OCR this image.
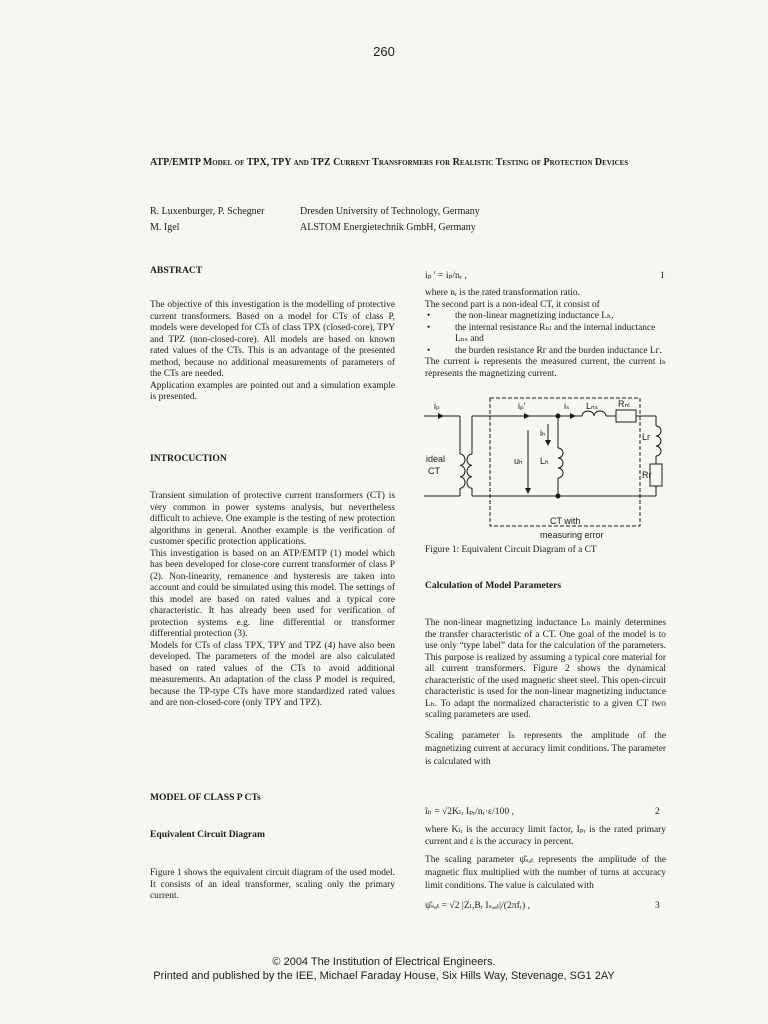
260
ATP/EMTP Model of TPX, TPY and TPZ Current Transformers for Realistic Testing of Protection Devices
R. Luxenburger, P. Schegner	Dresden University of Technology, Germany
M. Igel	ALSTOM Energietechnik GmbH, Germany
ABSTRACT

The objective of this investigation is the modelling of protective current transformers. Based on a model for CTs of class P, models were developed for CTs of class TPX (closed-core), TPY and TPZ (non-closed-core). All models are based on known rated values of the CTs. This is an advantage of the presented method, because no additional measurements of parameters of the CTs are needed.

Application examples are pointed out and a simulation example is presented.

INTROCUCTION

Transient simulation of protective current transformers (CT) is very common in power systems analysis, but nevertheless difficult to achieve. One example is the testing of new protection algorithms in general. Another example is the verification of customer specific protection applications.

This investigation is based on an ATP/EMTP (1) model which has been developed for close-core current transformer of class P (2). Non-linearity, remanence and hysteresis are taken into account and could be simulated using this model. The settings of this model are based on rated values and a typical core characteristic. It has already been used for verification of protection systems e.g. line differential or transformer differential protection (3).

Models for CTs of class TPX, TPY and TPZ (4) have also been developed. The parameters of the model are also calculated based on rated values of the CTs to avoid additional measurements. An adaptation of the class P model is required, because the TP-type CTs have more standardized rated values and are non-closed-core (only TPY and TPZ).

MODEL OF CLASS P CTs
Equivalent Circuit Diagram

Figure 1 shows the equivalent circuit diagram of the used model. It consists of an ideal transformer, scaling only the primary current.

iₚ ' = iₚ/nᵣ ,	1

where nᵣ is the rated transformation ratio.

The second part is a non-ideal CT, it consist of

• the non-linear magnetizing inductance Lₕ,
• the internal resistance Rₙₗ and the internal inductance Lₙₛ and
• the burden resistance Rᴦ and the burden inductance Lᴦ.

The current iₛ represents the measured current, the current iₕ represents the magnetizing current.

iₚ	iₚ'	iₛ Lₙₛ Rₙₗ
iₕ
uₕ Lₕ
Lᴦ
Rᴦ
ideal
CT
CT with
measuring error
Figure 1: Equivalent Circuit Diagram of a CT
Calculation of Model Parameters

The non-linear magnetizing inductance Lₕ mainly determines the transfer characteristic of a CT. One goal of the model is to use only “type label” data for the calculation of the parameters. This purpose is realized by assuming a typical core material for all current transformers. Figure 2 shows the dynamical characteristic of the used magnetic sheet steel. This open-circuit characteristic is used for the non-linear magnetizing inductance Lₕ. To adapt the normalized characteristic to a given CT two scaling parameters are used.

Scaling parameter îₕ represents the amplitude of the magnetizing current at accuracy limit conditions. The parameter is calculated with

îₕ = √2Kₗᵣ Iₚᵣ/nᵣ·ε/100 ,	2

where Kₗᵣ is the accuracy limit factor, Iₚᵣ is the rated primary current and ε is the accuracy in percent.

The scaling parameter ψ̂ₛₐₜ represents the amplitude of the magnetic flux multiplied with the number of turns at accuracy limit conditions. The value is calculated with

ψ̂ₛₐₜ = √2 |Zₗ,Bᵣ Iₛ,ₐₗ|/(2πfᵣ) ,	3
© 2004 The Institution of Electrical Engineers.
Printed and published by the IEE, Michael Faraday House, Six Hills Way, Stevenage, SG1 2AY
